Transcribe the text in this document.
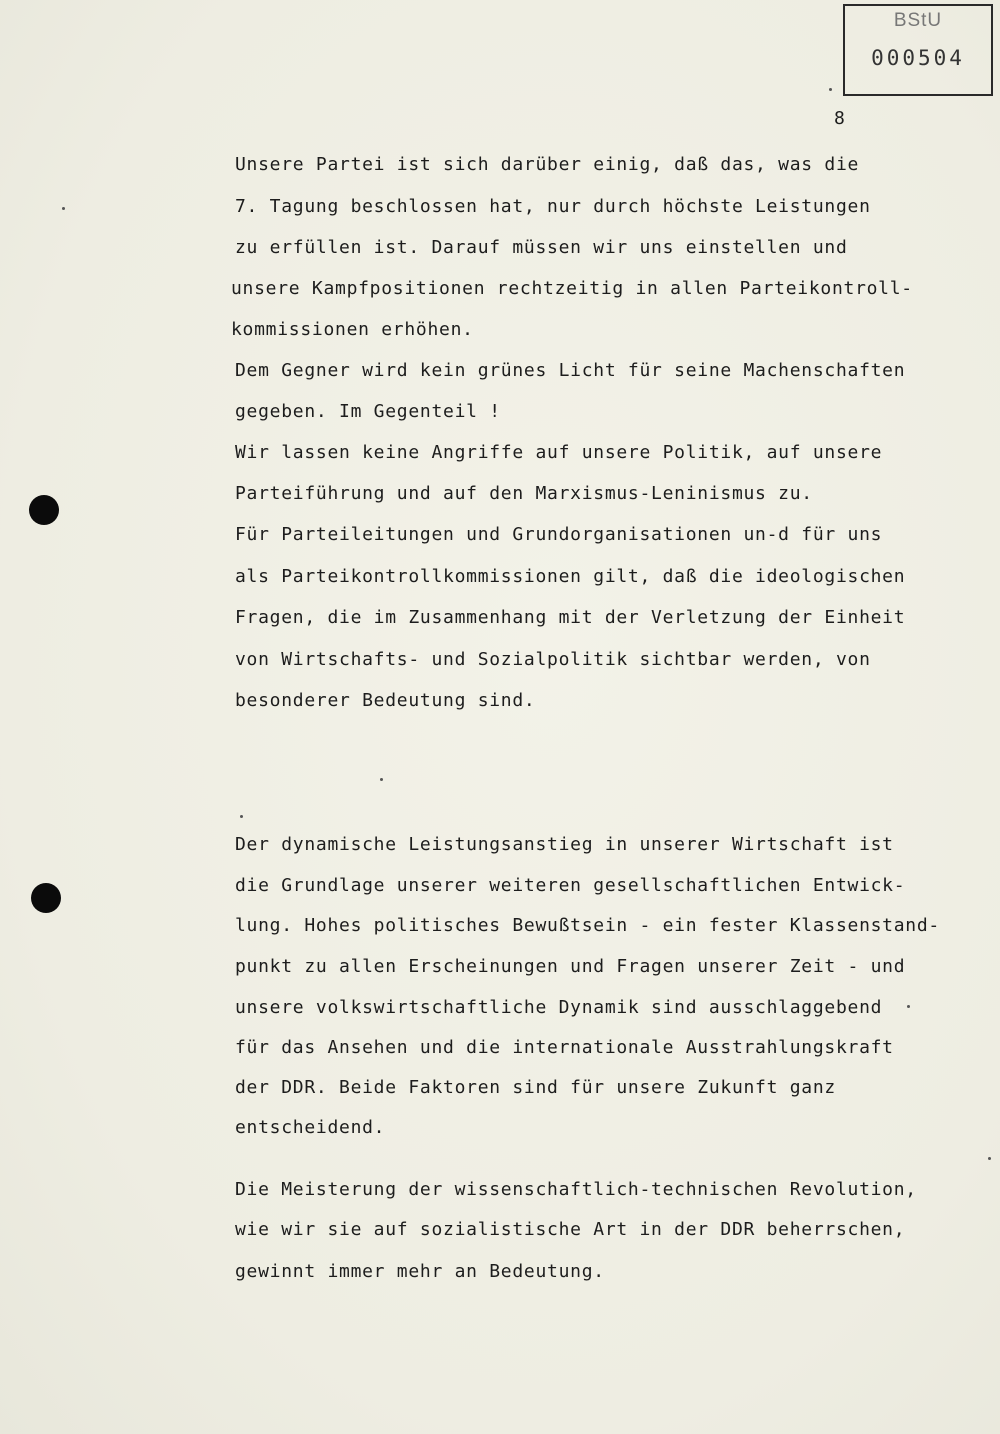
BStU
000504
8
Unsere Partei ist sich darüber einig, daß das, was die
7. Tagung beschlossen hat, nur durch höchste Leistungen
zu erfüllen ist. Darauf müssen wir uns einstellen und
unsere Kampfpositionen rechtzeitig in allen Parteikontroll-
kommissionen erhöhen.
Dem Gegner wird kein grünes Licht für seine Machenschaften
gegeben. Im Gegenteil !
Wir lassen keine Angriffe auf unsere Politik, auf unsere
Parteiführung und auf den Marxismus-Leninismus zu.
Für Parteileitungen und Grundorganisationen un-d für uns
als Parteikontrollkommissionen gilt, daß die ideologischen
Fragen, die im Zusammenhang mit der Verletzung der Einheit
von Wirtschafts- und Sozialpolitik sichtbar werden, von
besonderer Bedeutung sind.
Der dynamische Leistungsanstieg in unserer Wirtschaft ist
die Grundlage unserer weiteren gesellschaftlichen Entwick-
lung. Hohes politisches Bewußtsein - ein fester Klassenstand-
punkt zu allen Erscheinungen und Fragen unserer Zeit - und
unsere volkswirtschaftliche Dynamik sind ausschlaggebend
für das Ansehen und die internationale Ausstrahlungskraft
der DDR. Beide Faktoren sind für unsere Zukunft ganz
entscheidend.
Die Meisterung der wissenschaftlich-technischen Revolution,
wie wir sie auf sozialistische Art in der DDR beherrschen,
gewinnt immer mehr an Bedeutung.
